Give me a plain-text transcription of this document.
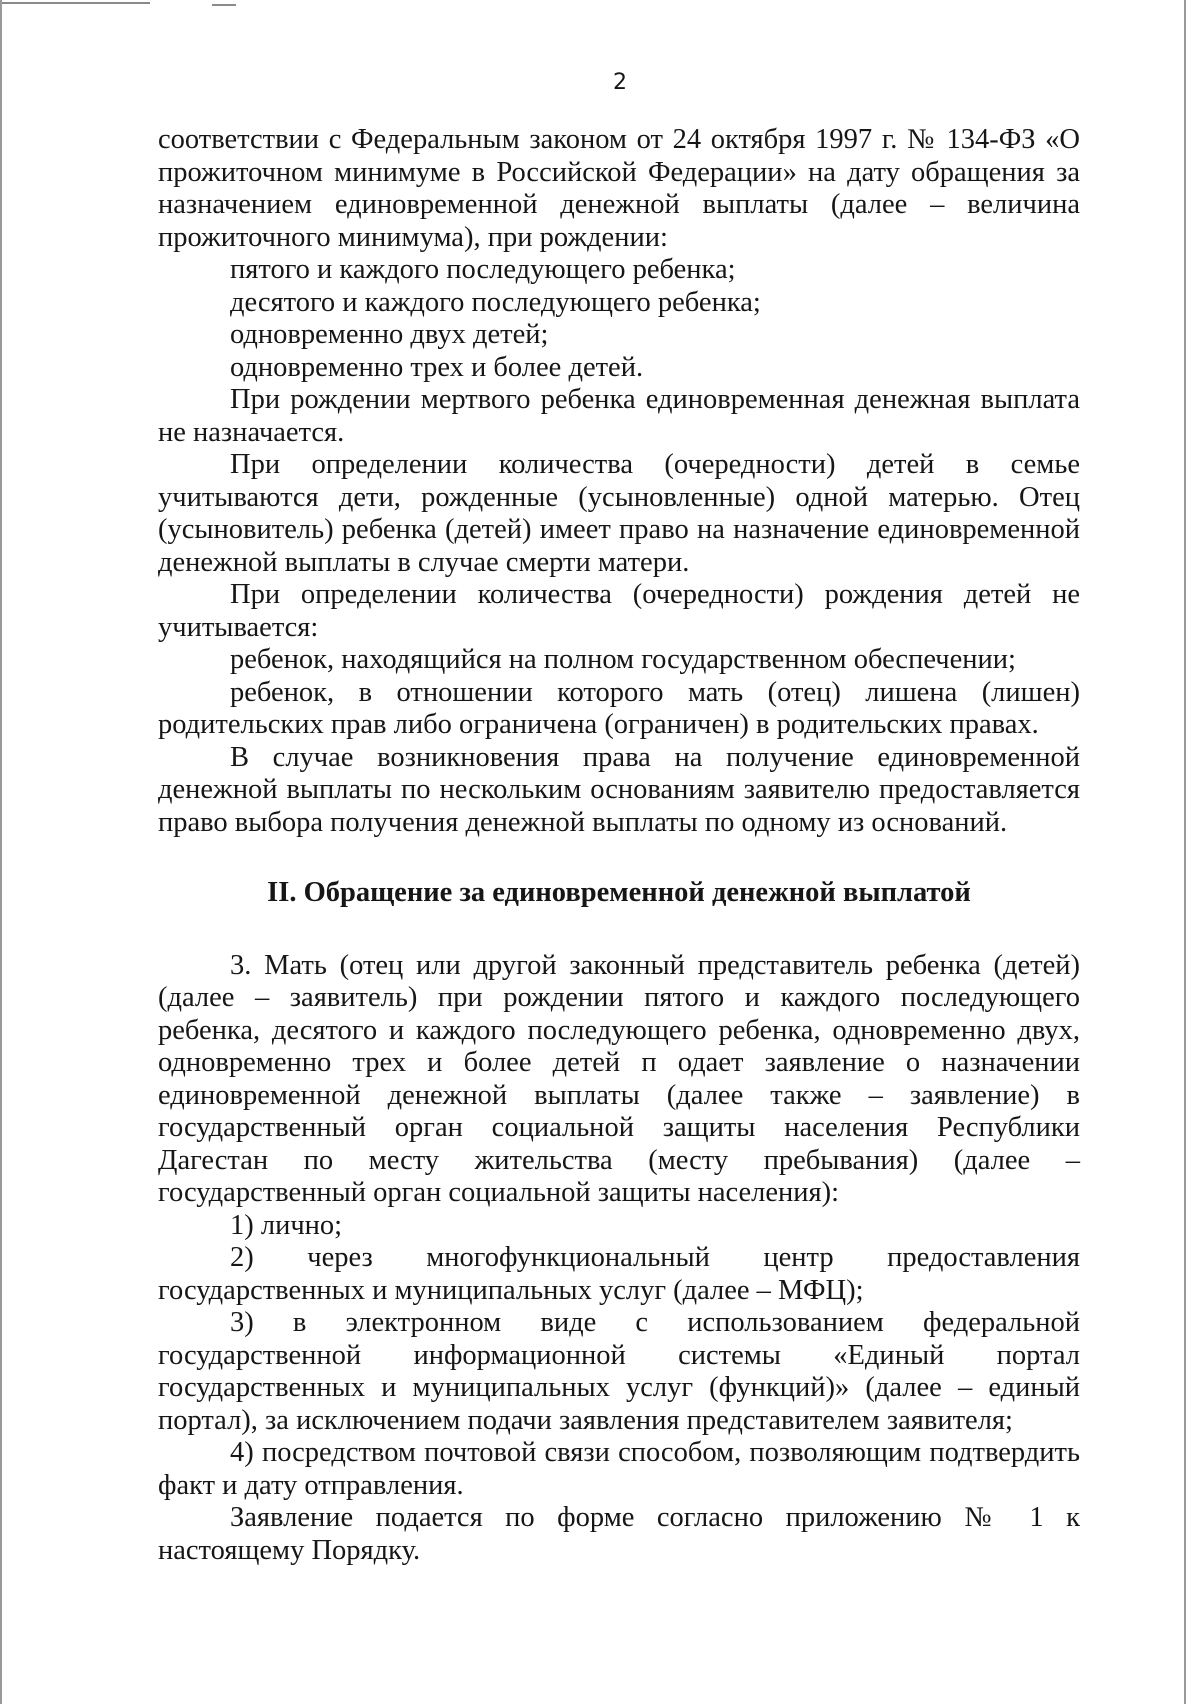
2

соответствии с Федеральным законом от 24 октября 1997 г. № 134-ФЗ «О прожиточном минимуме в Российской Федерации» на дату обращения за назначением единовременной денежной выплаты (далее – величина прожиточного минимума), при рождении:

пятого и каждого последующего ребенка;

десятого и каждого последующего ребенка;

одновременно двух детей;

одновременно трех и более детей.

При рождении мертвого ребенка единовременная денежная выплата не назначается.

При определении количества (очередности) детей в семье учитываются дети, рожденные (усыновленные) одной матерью. Отец (усыновитель) ребенка (детей) имеет право на назначение единовременной денежной выплаты в случае смерти матери.

При определении количества (очередности) рождения детей не учитывается:

ребенок, находящийся на полном государственном обеспечении;

ребенок, в отношении которого мать (отец) лишена (лишен) родительских прав либо ограничена (ограничен) в родительских правах.

В случае возникновения права на получение единовременной денежной выплаты по нескольким основаниям заявителю предоставляется право выбора получения денежной выплаты по одному из оснований.

II. Обращение за единовременной денежной выплатой

3. Мать (отец или другой законный представитель ребенка (детей) (далее – заявитель) при рождении пятого и каждого последующего ребенка, десятого и каждого последующего ребенка, одновременно двух, одновременно трех и более детей п одает заявление о назначении единовременной денежной выплаты (далее также – заявление) в государственный орган социальной защиты населения Республики Дагестан по месту жительства (месту пребывания) (далее – государственный орган социальной защиты населения):

1) лично;

2) через многофункциональный центр предоставления государственных и муниципальных услуг (далее – МФЦ);

3) в электронном виде с использованием федеральной государственной информационной системы «Единый портал государственных и муниципальных услуг (функций)» (далее – единый портал), за исключением подачи заявления представителем заявителя;

4) посредством почтовой связи способом, позволяющим подтвердить факт и дату отправления.

Заявление подается по форме согласно приложению № 1 к настоящему Порядку.
